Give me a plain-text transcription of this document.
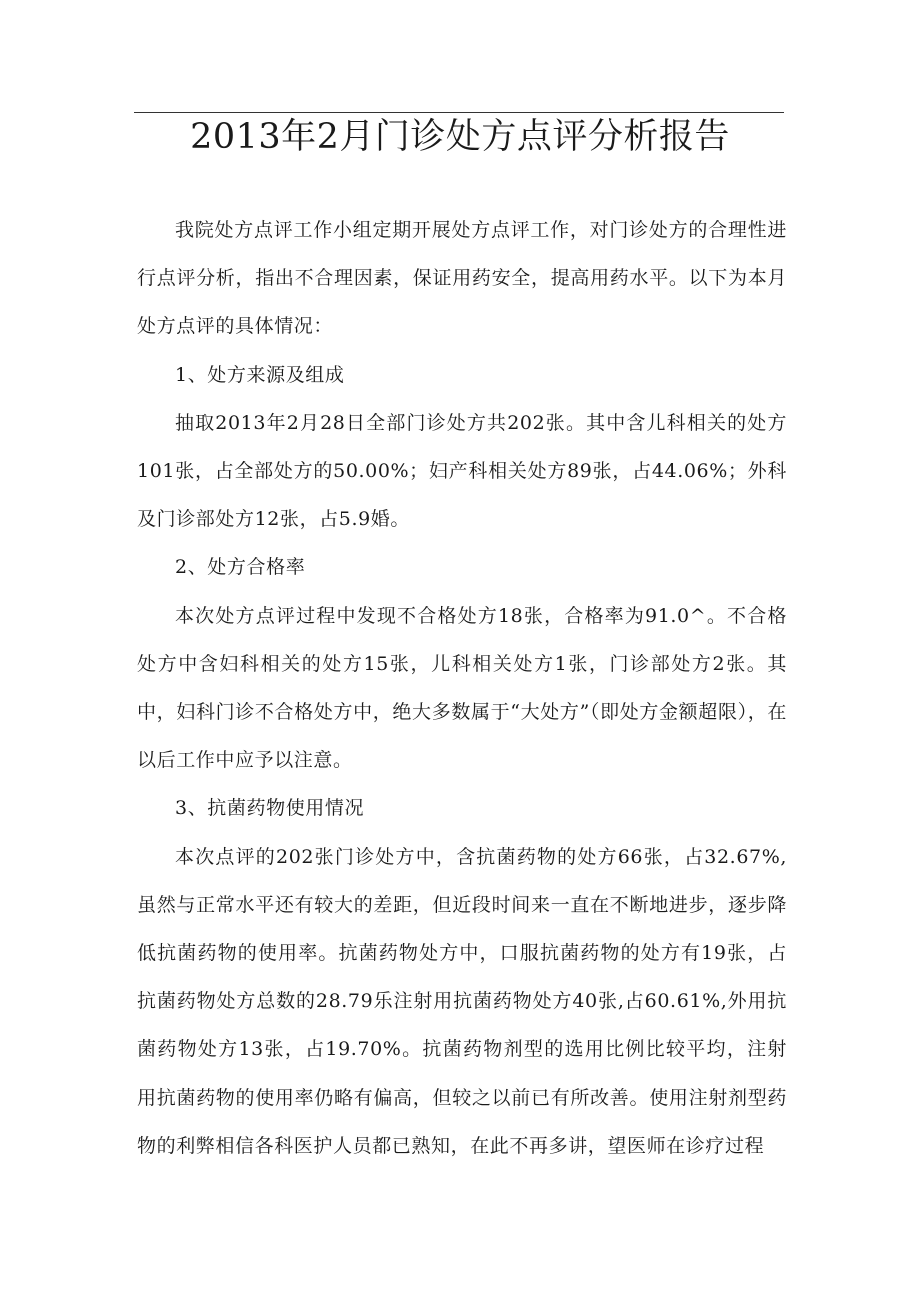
2013年2月门诊处方点评分析报告

我院处方点评工作小组定期开展处方点评工作，对门诊处方的合理性进行点评分析，指出不合理因素，保证用药安全，提高用药水平。以下为本月处方点评的具体情况：

1、处方来源及组成

抽取2013年2月28日全部门诊处方共202张。其中含儿科相关的处方101张，占全部处方的50.00%；妇产科相关处方89张，占44.06%；外科及门诊部处方12张，占5.9婚。

2、处方合格率

本次处方点评过程中发现不合格处方18张，合格率为91.0^。不合格处方中含妇科相关的处方15张，儿科相关处方1张，门诊部处方2张。其中，妇科门诊不合格处方中，绝大多数属于“大处方”（即处方金额超限），在以后工作中应予以注意。

3、抗菌药物使用情况

本次点评的202张门诊处方中，含抗菌药物的处方66张，占32.67%,虽然与正常水平还有较大的差距，但近段时间来一直在不断地进步，逐步降低抗菌药物的使用率。抗菌药物处方中，口服抗菌药物的处方有19张，占抗菌药物处方总数的28.79乐注射用抗菌药物处方40张,占60.61%,外用抗菌药物处方13张，占19.70%。抗菌药物剂型的选用比例比较平均，注射用抗菌药物的使用率仍略有偏高，但较之以前已有所改善。使用注射剂型药物的利弊相信各科医护人员都已熟知，在此不再多讲，望医师在诊疗过程
